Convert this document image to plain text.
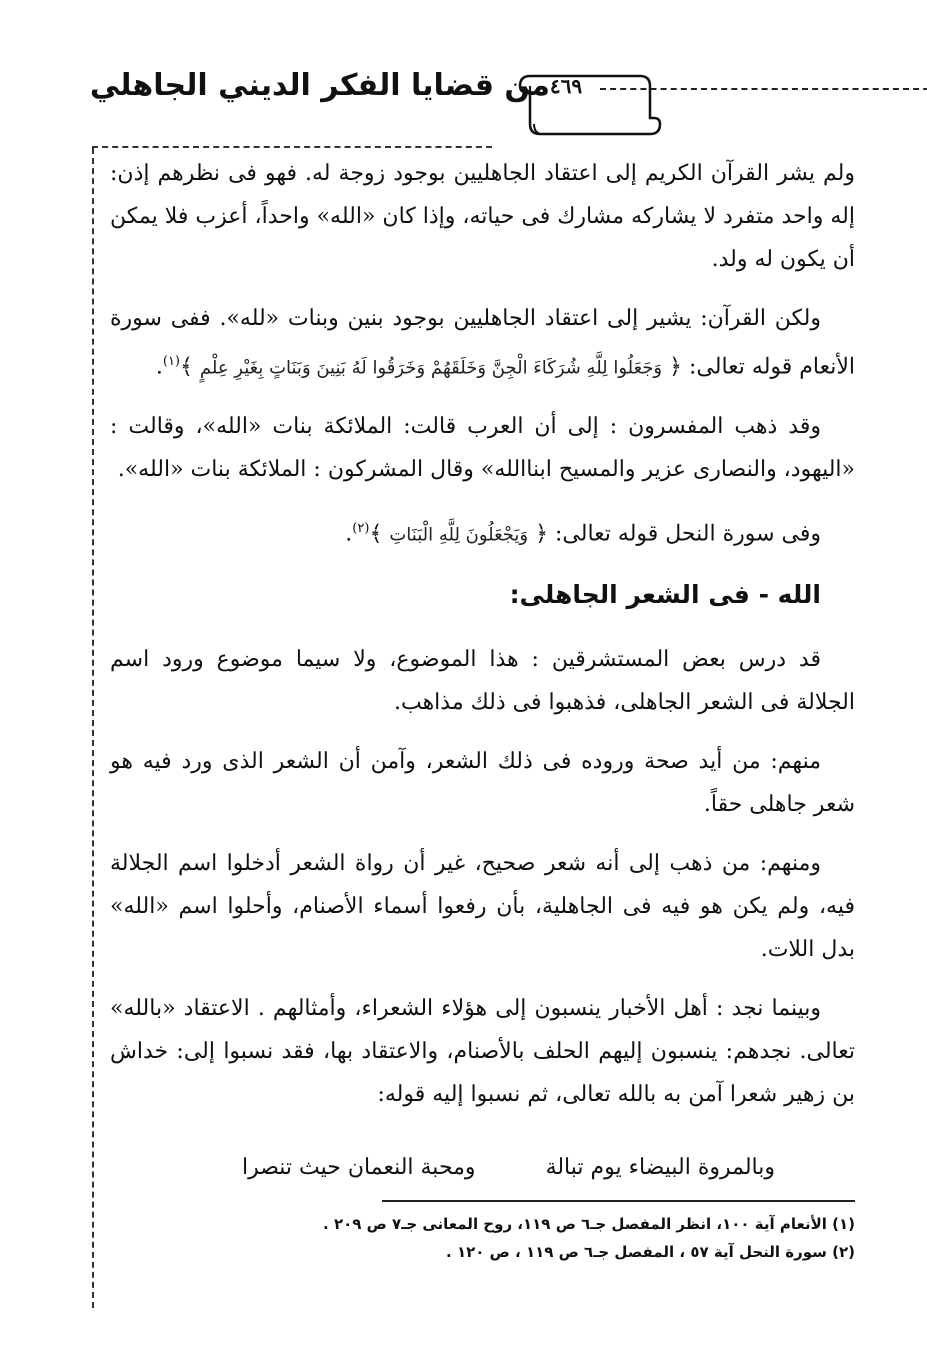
من قضايا الفكر الديني الجاهلي ٤٦٩

ولم يشر القرآن الكريم إلى اعتقاد الجاهليين بوجود زوجة له. فهو فى نظرهم إذن: إله واحد متفرد لا يشاركه مشارك فى حياته، وإذا كان «الله» واحداً، أعزب فلا يمكن أن يكون له ولد.

ولكن القرآن: يشير إلى اعتقاد الجاهليين بوجود بنين وبنات «لله». ففى سورة الأنعام قوله تعالى: ﴿ وَجَعَلُوا لِلَّهِ شُرَكَاءَ الْجِنَّ وَخَلَقَهُمْ وَخَرَقُوا لَهُ بَنِينَ وَبَنَاتٍ بِغَيْرِ عِلْمٍ ﴾$^{(١)}$.

وقد ذهب المفسرون : إلى أن العرب قالت: الملائكة بنات «الله»، وقالت : «اليهود، والنصارى عزير والمسيح ابناالله» وقال المشركون : الملائكة بنات «الله».

وفى سورة النحل قوله تعالى: ﴿ وَيَجْعَلُونَ لِلَّهِ الْبَنَاتِ ﴾$^{(٢)}$.

الله - فى الشعر الجاهلى:

قد درس بعض المستشرقين : هذا الموضوع، ولا سيما موضوع ورود اسم الجلالة فى الشعر الجاهلى، فذهبوا فى ذلك مذاهب.

منهم: من أيد صحة وروده فى ذلك الشعر، وآمن أن الشعر الذى ورد فيه هو شعر جاهلى حقاً.

ومنهم: من ذهب إلى أنه شعر صحيح، غير أن رواة الشعر أدخلوا اسم الجلالة فيه، ولم يكن هو فيه فى الجاهلية، بأن رفعوا أسماء الأصنام، وأحلوا اسم «الله» بدل اللات.

وبينما نجد : أهل الأخبار ينسبون إلى هؤلاء الشعراء، وأمثالهم . الاعتقاد «بالله» تعالى. نجدهم: ينسبون إليهم الحلف بالأصنام، والاعتقاد بها، فقد نسبوا إلى: خداش بن زهير شعرا آمن به بالله تعالى، ثم نسبوا إليه قوله:

وبالمروة البيضاء يوم تبالة
ومحبة النعمان حيث تنصرا

(١) الأنعام آية ١٠٠، انظر المفصل جـ٦ ص ١١٩، روح المعانى جـ٧ ص ٢٠٩ .

(٢) سورة النحل آية ٥٧ ، المفصل جـ٦ ص ١١٩ ، ص ١٢٠ .
